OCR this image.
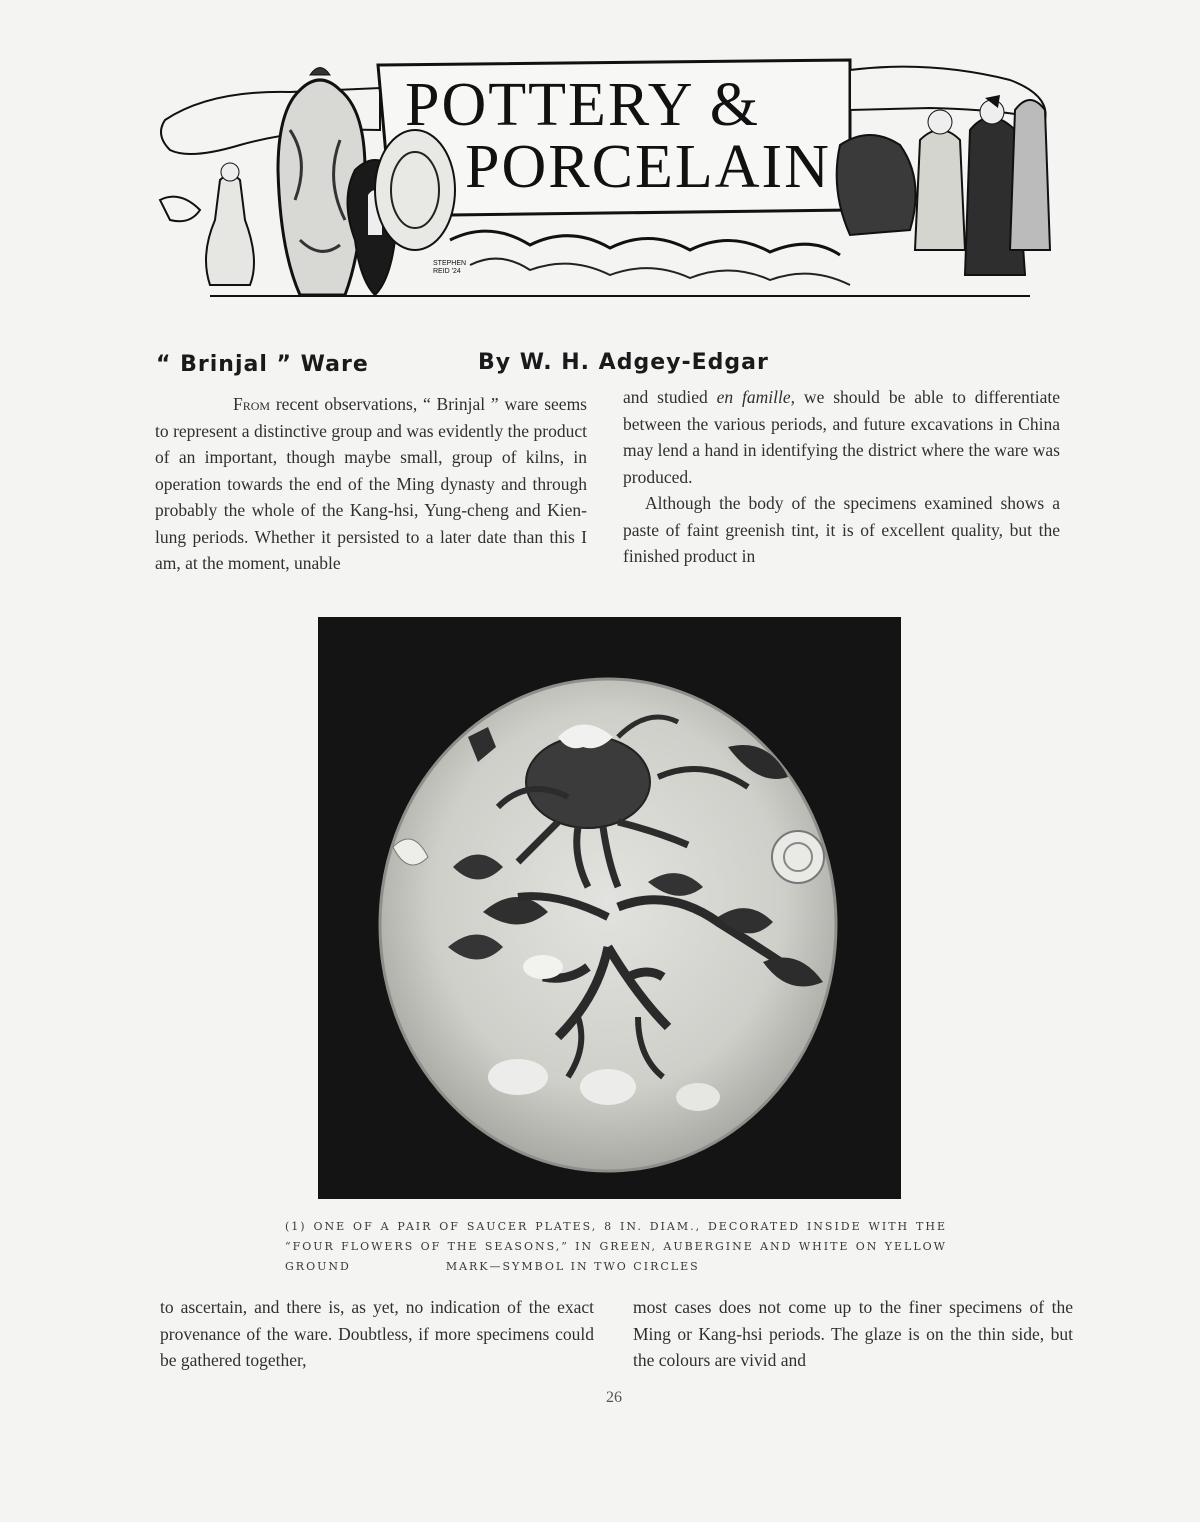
POTTERY &
PORCELAIN
STEPHEN
REID '24
“ Brinjal ” Ware	By W. H. Adgey-Edgar

From recent observations, “ Brinjal ” ware seems to represent a distinctive group and was evidently the product of an important, though maybe small, group of kilns, in operation towards the end of the Ming dynasty and through probably the whole of the Kang-hsi, Yung-cheng and Kien-lung periods. Whether it persisted to a later date than this I am, at the moment, unable

and studied en famille, we should be able to differentiate between the various periods, and future excavations in China may lend a hand in identifying the district where the ware was produced.

Although the body of the specimens examined shows a paste of faint greenish tint, it is of excellent quality, but the finished product in

(1) ONE OF A PAIR OF SAUCER PLATES, 8 IN. DIAM., DECORATED INSIDE WITH THE “FOUR FLOWERS OF THE SEASONS,” IN GREEN, AUBERGINE AND WHITE ON YELLOW GROUND	MARK—SYMBOL IN TWO CIRCLES

to ascertain, and there is, as yet, no indication of the exact provenance of the ware. Doubtless, if more specimens could be gathered together,

most cases does not come up to the finer specimens of the Ming or Kang-hsi periods. The glaze is on the thin side, but the colours are vivid and

26
